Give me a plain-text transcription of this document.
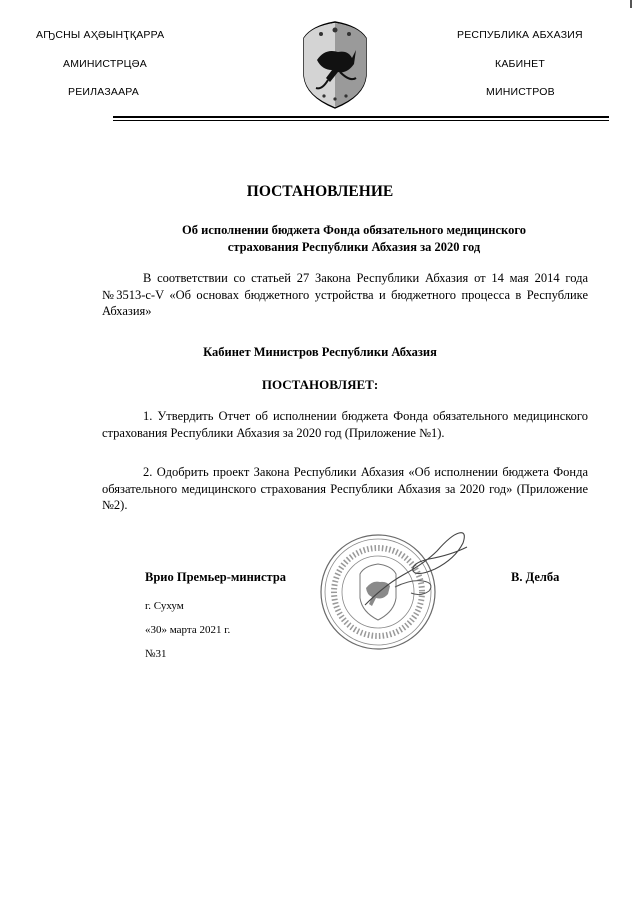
АҦСНЫ АҲӘЫНҬҚАРРА
АМИНИСТРЦӘА
РЕИЛАЗААРА
РЕСПУБЛИКА АБХАЗИЯ
КАБИНЕТ
МИНИСТРОВ
ПОСТАНОВЛЕНИЕ
Об исполнении бюджета Фонда обязательного медицинского
страхования Республики Абхазия за 2020 год
В соответствии со статьей 27 Закона Республики Абхазия от 14 мая 2014 года №3513-с-V «Об основах бюджетного устройства и бюджетного процесса в Республике Абхазия»
Кабинет Министров Республики Абхазия
ПОСТАНОВЛЯЕТ:
1. Утвердить Отчет об исполнении бюджета Фонда обязательного медицинского страхования Республики Абхазия за 2020 год (Приложение №1).
2. Одобрить проект Закона Республики Абхазия «Об исполнении бюджета Фонда обязательного медицинского страхования Республики Абхазия за 2020 год» (Приложение №2).
Врио Премьер-министра	В. Делба
г. Сухум
«30» марта 2021 г.
№31
